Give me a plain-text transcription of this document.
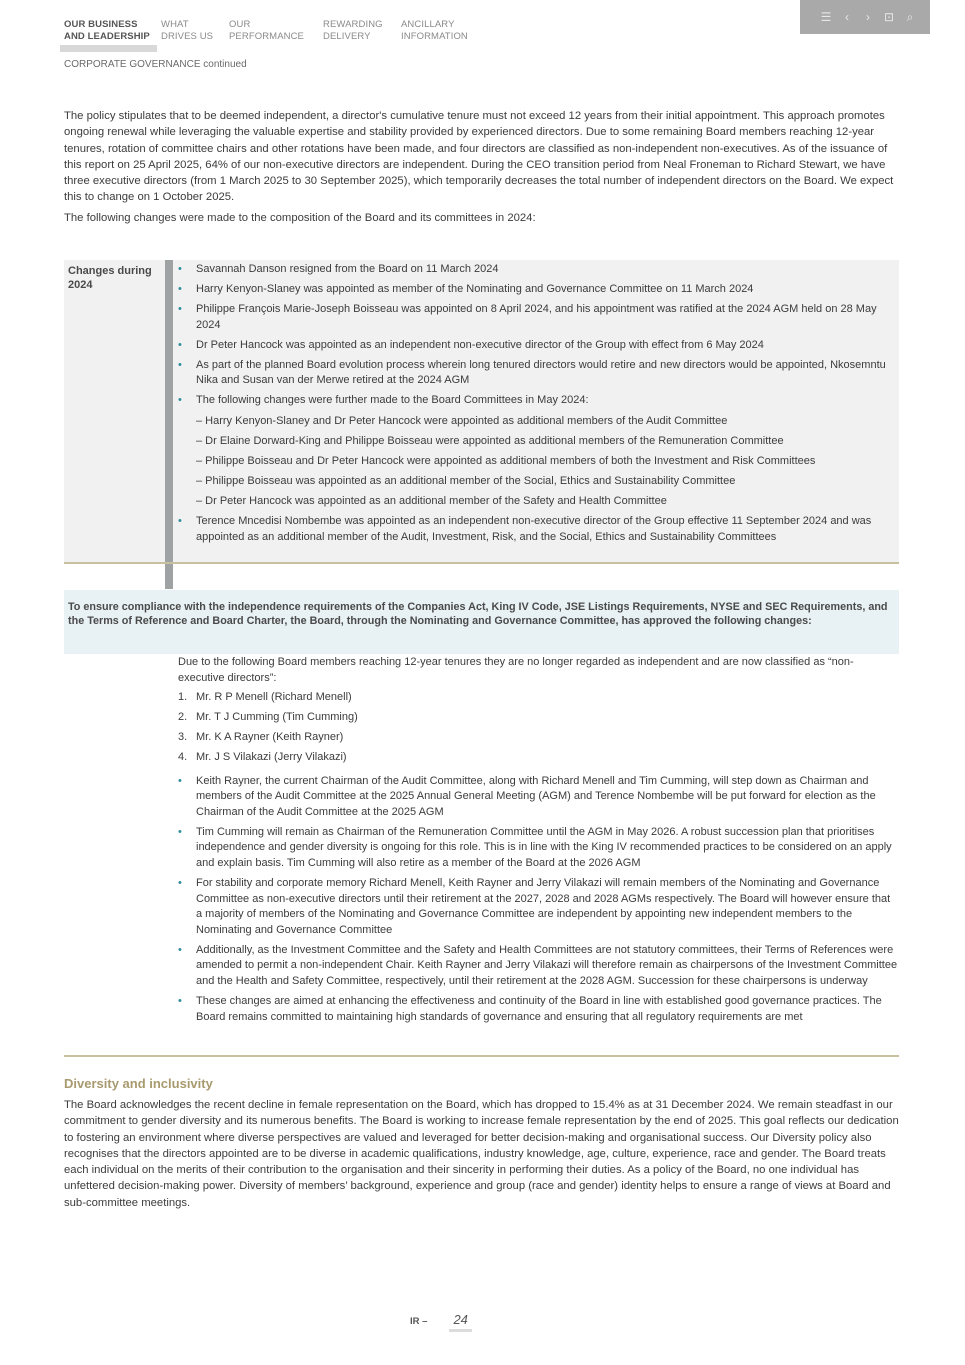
OUR BUSINESS
AND LEADERSHIP
WHAT
DRIVES US
OUR
PERFORMANCE
REWARDING
DELIVERY
ANCILLARY
INFORMATION
☰	‹	›	⊡ ⌕
CORPORATE GOVERNANCE continued

The policy stipulates that to be deemed independent, a director's cumulative tenure must not exceed 12 years from their initial appointment. This approach promotes ongoing renewal while leveraging the valuable expertise and stability provided by experienced directors. Due to some remaining Board members reaching 12-year tenures, rotation of committee chairs and other rotations have been made, and four directors are classified as non-independent non-executives. As of the issuance of this report on 25 April 2025, 64% of our non-executive directors are independent. During the CEO transition period from Neal Froneman to Richard Stewart, we have three executive directors (from 1 March 2025 to 30 September 2025), which temporarily decreases the total number of independent directors on the Board. We expect this to change on 1 October 2025.

The following changes were made to the composition of the Board and its committees in 2024:

Changes during 2024
• Savannah Danson resigned from the Board on 11 March 2024
• Harry Kenyon-Slaney was appointed as member of the Nominating and Governance Committee on 11 March 2024
• Philippe François Marie-Joseph Boisseau was appointed on 8 April 2024, and his appointment was ratified at the 2024 AGM held on 28 May 2024
• Dr Peter Hancock was appointed as an independent non-executive director of the Group with effect from 6 May 2024
• As part of the planned Board evolution process wherein long tenured directors would retire and new directors would be appointed, Nkosemntu Nika and Susan van der Merwe retired at the 2024 AGM
• The following changes were further made to the Board Committees in May 2024:
– Harry Kenyon-Slaney and Dr Peter Hancock were appointed as additional members of the Audit Committee
– Dr Elaine Dorward-King and Philippe Boisseau were appointed as additional members of the Remuneration Committee
– Philippe Boisseau and Dr Peter Hancock were appointed as additional members of both the Investment and Risk Committees
– Philippe Boisseau was appointed as an additional member of the Social, Ethics and Sustainability Committee
– Dr Peter Hancock was appointed as an additional member of the Safety and Health Committee
• Terence Mncedisi Nombembe was appointed as an independent non-executive director of the Group effective 11 September 2024 and was appointed as an additional member of the Audit, Investment, Risk, and the Social, Ethics and Sustainability Committees
To ensure compliance with the independence requirements of the Companies Act, King IV Code, JSE Listings Requirements, NYSE and SEC Requirements, and the Terms of Reference and Board Charter, the Board, through the Nominating and Governance Committee, has approved the following changes:
Due to the following Board members reaching 12-year tenures they are no longer regarded as independent and are now classified as “non-executive directors”:
1. Mr. R P Menell (Richard Menell)
2. Mr. T J Cumming (Tim Cumming)
3. Mr. K A Rayner (Keith Rayner)
4. Mr. J S Vilakazi (Jerry Vilakazi)
• Keith Rayner, the current Chairman of the Audit Committee, along with Richard Menell and Tim Cumming, will step down as Chairman and members of the Audit Committee at the 2025 Annual General Meeting (AGM) and Terence Nombembe will be put forward for election as the Chairman of the Audit Committee at the 2025 AGM
• Tim Cumming will remain as Chairman of the Remuneration Committee until the AGM in May 2026. A robust succession plan that prioritises independence and gender diversity is ongoing for this role. This is in line with the King IV recommended practices to be considered on an apply and explain basis. Tim Cumming will also retire as a member of the Board at the 2026 AGM
• For stability and corporate memory Richard Menell, Keith Rayner and Jerry Vilakazi will remain members of the Nominating and Governance Committee as non-executive directors until their retirement at the 2027, 2028 and 2028 AGMs respectively. The Board will however ensure that a majority of members of the Nominating and Governance Committee are independent by appointing new independent members to the Nominating and Governance Committee
• Additionally, as the Investment Committee and the Safety and Health Committees are not statutory committees, their Terms of References were amended to permit a non-independent Chair. Keith Rayner and Jerry Vilakazi will therefore remain as chairpersons of the Investment Committee and the Health and Safety Committee, respectively, until their retirement at the 2028 AGM. Succession for these chairpersons is underway
• These changes are aimed at enhancing the effectiveness and continuity of the Board in line with established good governance practices. The Board remains committed to maintaining high standards of governance and ensuring that all regulatory requirements are met
Diversity and inclusivity
The Board acknowledges the recent decline in female representation on the Board, which has dropped to 15.4% as at 31 December 2024. We remain steadfast in our commitment to gender diversity and its numerous benefits. The Board is working to increase female representation by the end of 2025. This goal reflects our dedication to fostering an environment where diverse perspectives are valued and leveraged for better decision-making and organisational success. Our Diversity policy also recognises that the directors appointed are to be diverse in academic qualifications, industry knowledge, age, culture, experience, race and gender. The Board treats each individual on the merits of their contribution to the organisation and their sincerity in performing their duties. As a policy of the Board, no one individual has unfettered decision-making power. Diversity of members’ background, experience and group (race and gender) identity helps to ensure a range of views at Board and sub-committee meetings.
IR –	24
